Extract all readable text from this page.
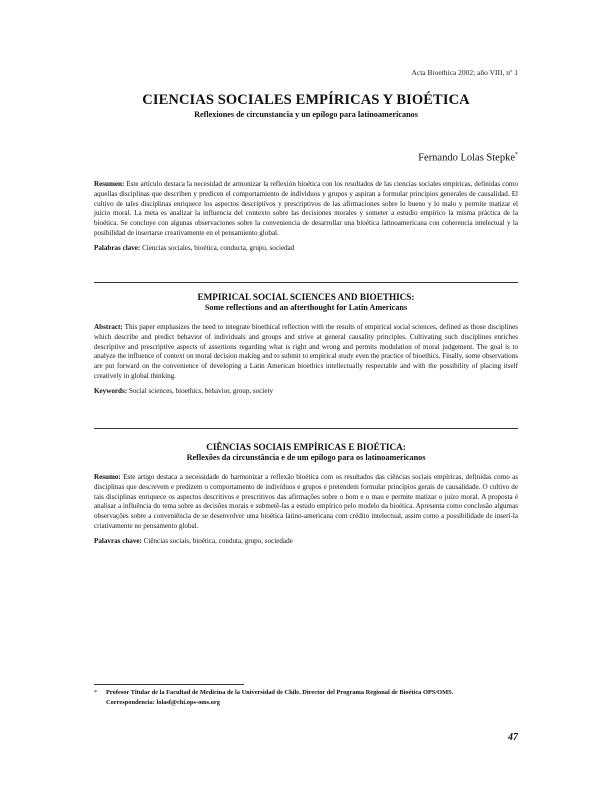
Acta Bioethica 2002; año VIII, nº 1
CIENCIAS SOCIALES EMPÍRICAS Y BIOÉTICA

Reflexiones de circunstancia y un epílogo para latinoamericanos

Fernando Lolas Stepke*

Resumen: Este artículo destaca la necesidad de armonizar la reflexión bioética con los resultados de las ciencias sociales empíricas, definidas como aquellas disciplinas que describen y predicen el comportamiento de individuos y grupos y aspiran a formular principios generales de causalidad. El cultivo de tales disciplinas enriquece los aspectos descriptivos y prescriptivos de las afirmaciones sobre lo bueno y lo malo y permite matizar el juicio moral. La meta es analizar la influencia del contexto sobre las decisiones morales y someter a estudio empírico la misma práctica de la bioética. Se concluye con algunas observaciones sobre la conveniencia de desarrollar una bioética latinoamericana con coherencia intelectual y la posibilidad de insertarse creativamente en el pensamiento global.

Palabras clave: Ciencias sociales, bioética, conducta, grupo, sociedad

EMPIRICAL SOCIAL SCIENCES AND BIOETHICS:

Some reflections and an afterthought for Latin Americans

Abstract: This paper emphasizes the need to integrate bioethical reflection with the results of empirical social sciences, defined as those disciplines which describe and predict behavior of individuals and groups and strive at general causality principles. Cultivating such disciplines enriches descriptive and prescriptive aspects of assertions regarding what is right and wrong and permits modulation of moral judgement. The goal is to analyze the influence of context on moral decision making and to submit to empirical study even the practice of bioethics. Finally, some observations are put forward on the convenience of developing a Latin American bioethics intellectually respectable and with the possibility of placing itself creatively in global thinking.

Keywords: Social sciences, bioethics, behavior, group, society

CIÊNCIAS SOCIAIS EMPÍRICAS E BIOÉTICA:

Reflexões da circunstância e de um epílogo para os latinoamericanos

Resumo: Este artigo destaca a necessidade de harmonizar a reflexão bioética com os resultados das ciências sociais empíricas, definidas como as disciplinas que descrevem e predizem o comportamento de indivíduos e grupos e pretendem formular princípios gerais de causalidade. O cultivo de tais disciplinas enriquece os aspectos descritivos e prescritivos das afirmações sobre o bom e o mau e permite matizar o juízo moral. A proposta é analisar a influência do tema sobre as decisões morais e submetê-las a estudo empírico pelo modelo da bioética. Apresenta como conclusão algumas observações sobre a conveniência de se desenvolver uma bioética latino-americana com crédito intelectual, assim como a possibilidade de inserí-la criativamente no pensamento global.

Palavras chave: Ciências sociais, bioética, conduta, grupo, sociedade

* Profesor Titular de la Facultad de Medicina de la Universidad de Chile. Director del Programa Regional de Bioética OPS/OMS.
Correspondencia: lolasf@chi.ops-oms.org
47
